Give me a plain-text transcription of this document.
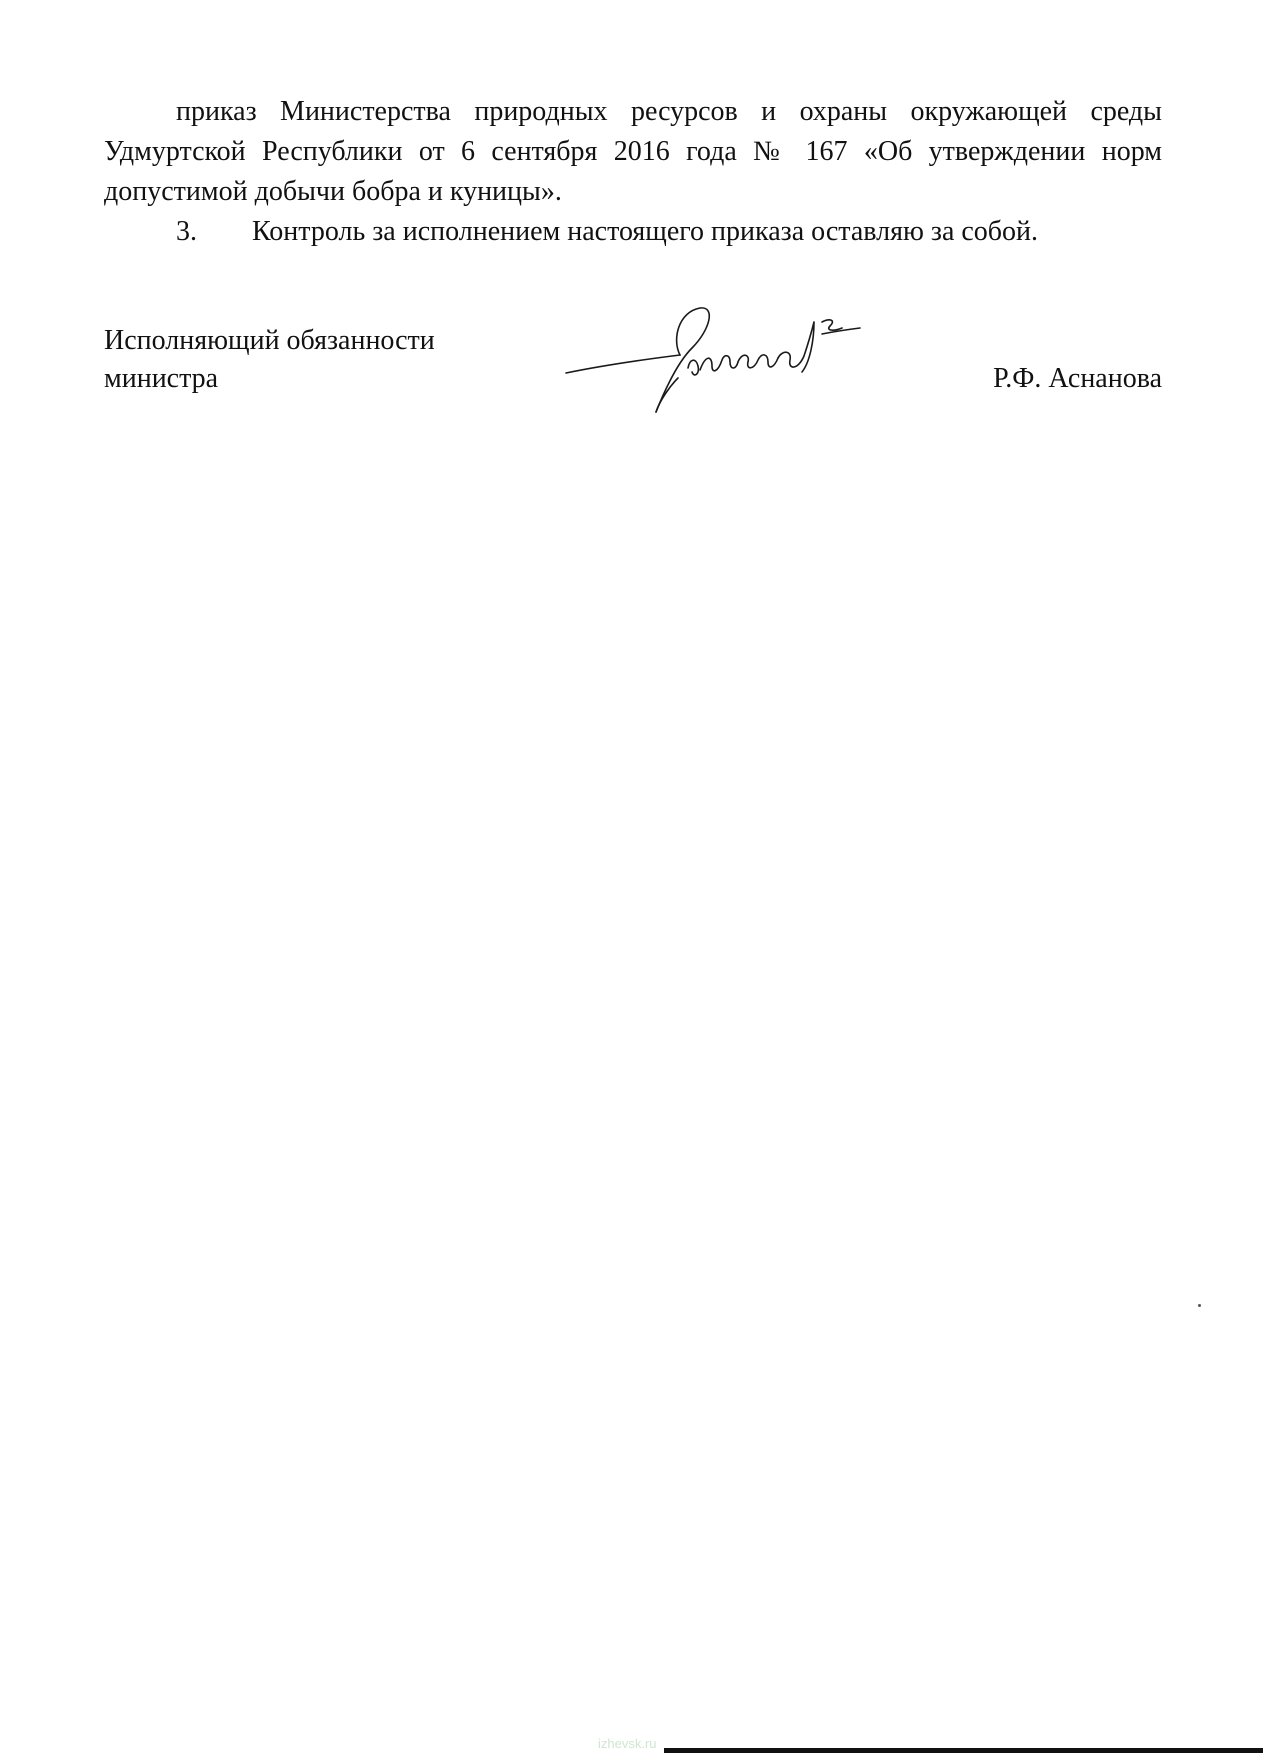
приказ Министерства природных ресурсов и охраны окружающей среды Удмуртской Республики от 6 сентября 2016 года № 167 «Об утверждении норм допустимой добычи бобра и куницы».

3.	Контроль за исполнением настоящего приказа оставляю за собой.

Исполняющий обязанности
министра	Р.Ф. Аснанова
izhevsk.ru
